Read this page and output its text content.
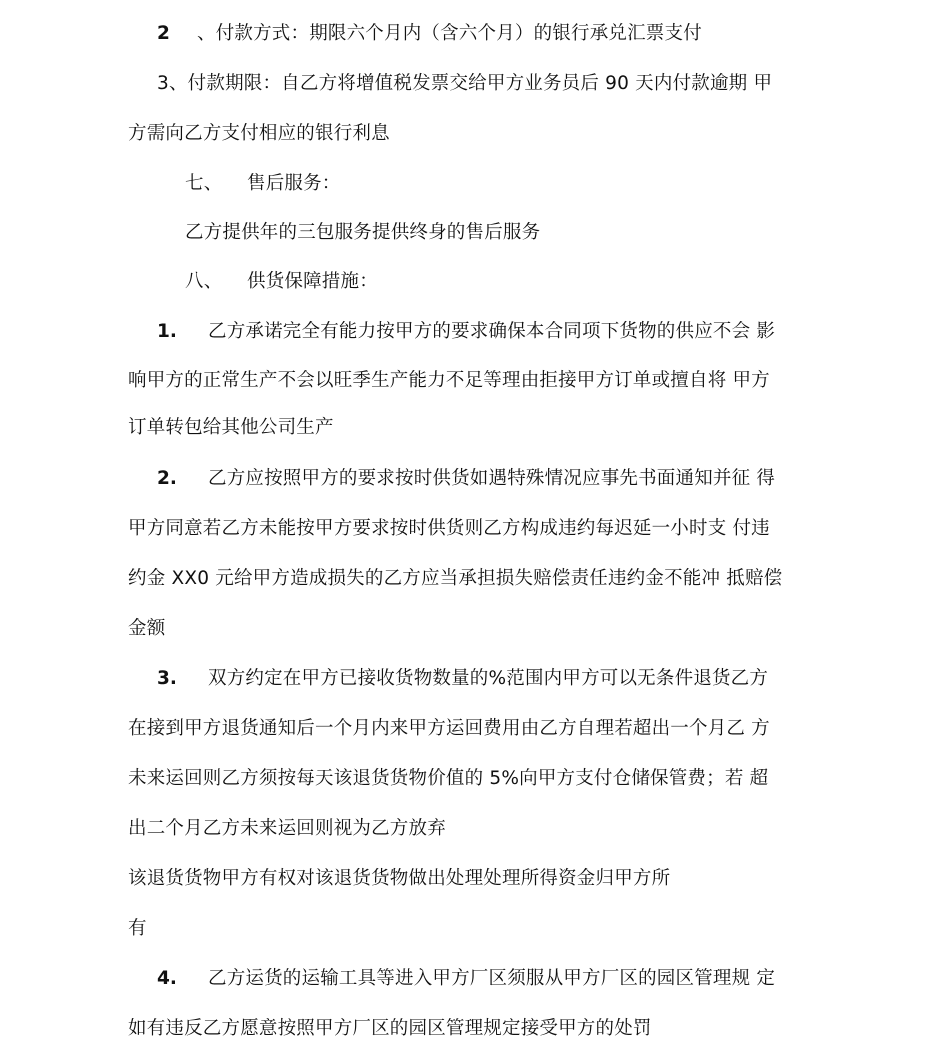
2 、付款方式：期限六个月内（含六个月）的银行承兑汇票支付
3、付款期限：自乙方将增值税发票交给甲方业务员后 90 天内付款逾期 甲
方需向乙方支付相应的银行利息
七、 售后服务：
乙方提供年的三包服务提供终身的售后服务
八、 供货保障措施：
1. 乙方承诺完全有能力按甲方的要求确保本合同项下货物的供应不会 影
响甲方的正常生产不会以旺季生产能力不足等理由拒接甲方订单或擅自将 甲方
订单转包给其他公司生产
2. 乙方应按照甲方的要求按时供货如遇特殊情况应事先书面通知并征 得
甲方同意若乙方未能按甲方要求按时供货则乙方构成违约每迟延一小时支 付违
约金 XX0 元给甲方造成损失的乙方应当承担损失赔偿责任违约金不能冲 抵赔偿
金额
3. 双方约定在甲方已接收货物数量的%范围内甲方可以无条件退货乙方
在接到甲方退货通知后一个月内来甲方运回费用由乙方自理若超出一个月乙 方
未来运回则乙方须按每天该退货货物价值的 5%向甲方支付仓储保管费；若 超
出二个月乙方未来运回则视为乙方放弃
该退货货物甲方有权对该退货货物做出处理处理所得资金归甲方所
有
4. 乙方运货的运输工具等进入甲方厂区须服从甲方厂区的园区管理规 定
如有违反乙方愿意按照甲方厂区的园区管理规定接受甲方的处罚
